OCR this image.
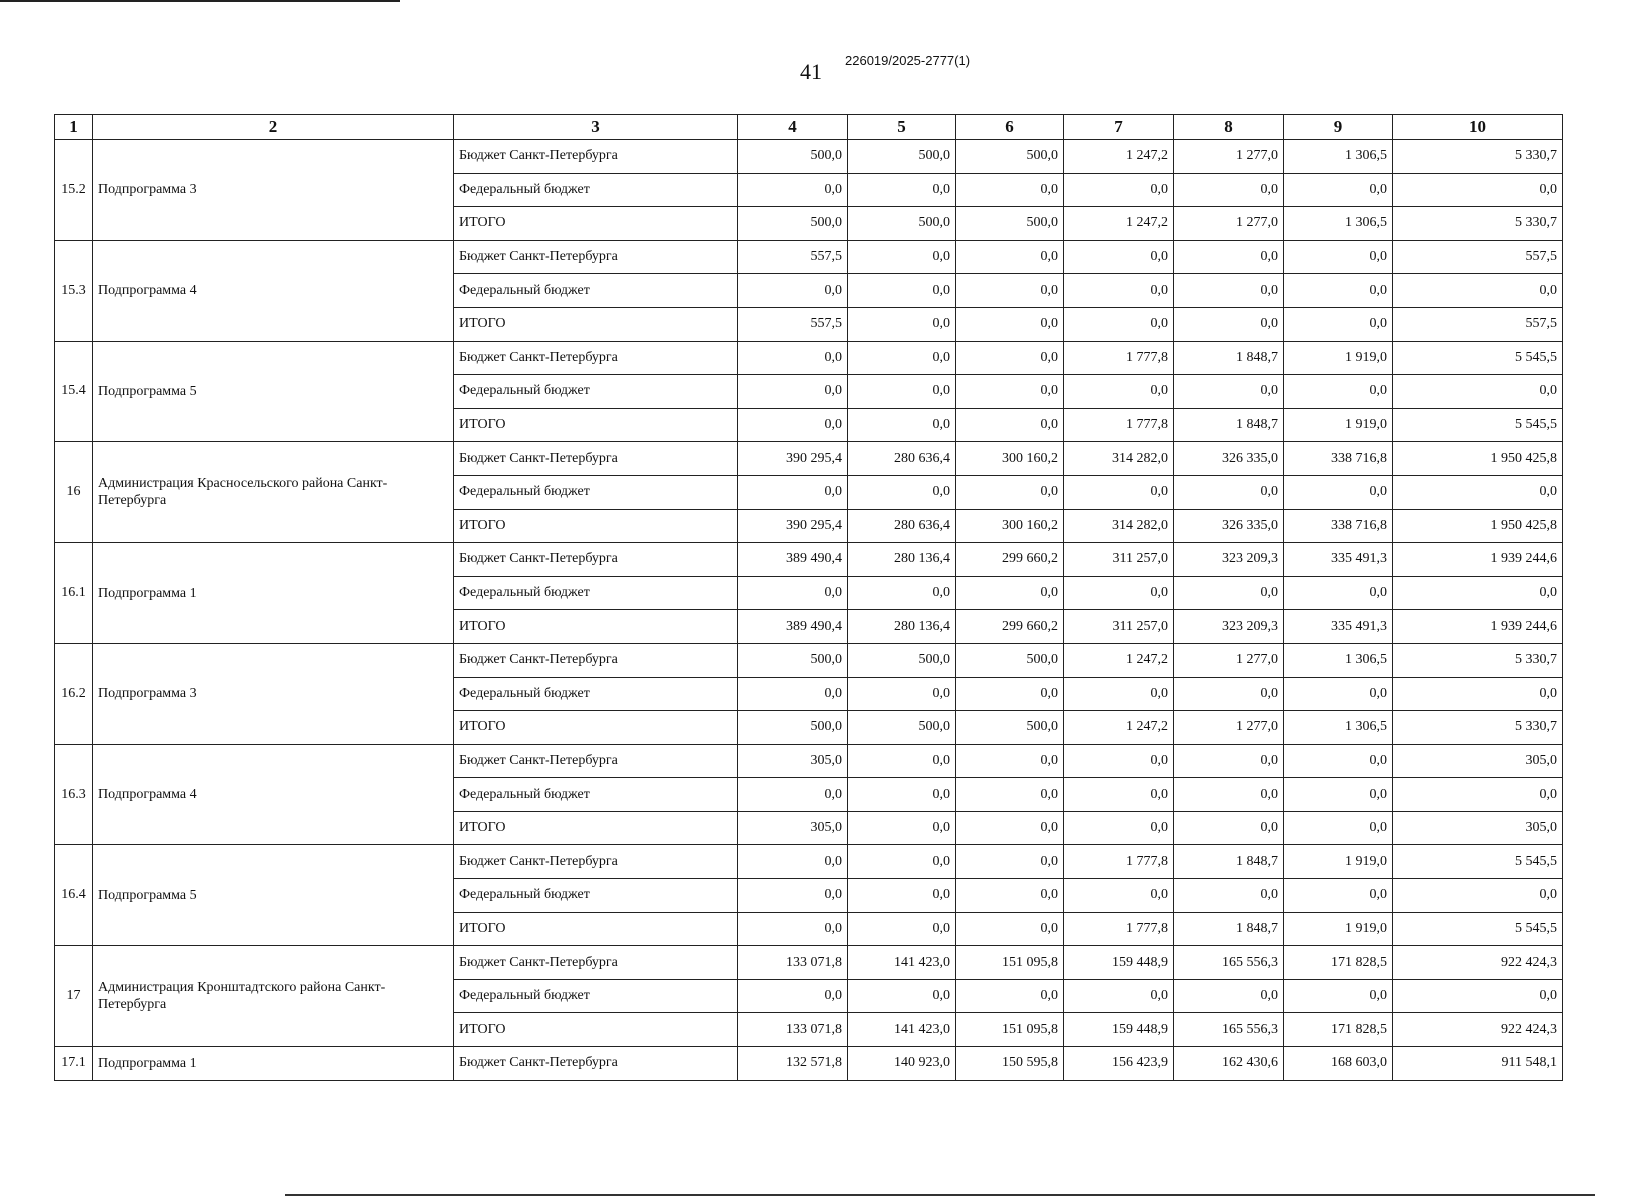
41 226019/2025-2777(1)
1	2	3	4	5	6	7	8	9	10
15.2	Подпрограмма 3	Бюджет Санкт-Петербурга	500,0	500,0	500,0	1 247,2	1 277,0	1 306,5	5 330,7
		Федеральный бюджет	0,0	0,0	0,0	0,0	0,0	0,0	0,0
		ИТОГО	500,0	500,0	500,0	1 247,2	1 277,0	1 306,5	5 330,7
15.3	Подпрограмма 4	Бюджет Санкт-Петербурга	557,5	0,0	0,0	0,0	0,0	0,0	557,5
		Федеральный бюджет	0,0	0,0	0,0	0,0	0,0	0,0	0,0
		ИТОГО	557,5	0,0	0,0	0,0	0,0	0,0	557,5
15.4	Подпрограмма 5	Бюджет Санкт-Петербурга	0,0	0,0	0,0	1 777,8	1 848,7	1 919,0	5 545,5
		Федеральный бюджет	0,0	0,0	0,0	0,0	0,0	0,0	0,0
		ИТОГО	0,0	0,0	0,0	1 777,8	1 848,7	1 919,0	5 545,5
16	Администрация Красносельского района Санкт-Петербурга	Бюджет Санкт-Петербурга	390 295,4	280 636,4	300 160,2	314 282,0	326 335,0	338 716,8	1 950 425,8
		Федеральный бюджет	0,0	0,0	0,0	0,0	0,0	0,0	0,0
		ИТОГО	390 295,4	280 636,4	300 160,2	314 282,0	326 335,0	338 716,8	1 950 425,8
16.1	Подпрограмма 1	Бюджет Санкт-Петербурга	389 490,4	280 136,4	299 660,2	311 257,0	323 209,3	335 491,3	1 939 244,6
		Федеральный бюджет	0,0	0,0	0,0	0,0	0,0	0,0	0,0
		ИТОГО	389 490,4	280 136,4	299 660,2	311 257,0	323 209,3	335 491,3	1 939 244,6
16.2	Подпрограмма 3	Бюджет Санкт-Петербурга	500,0	500,0	500,0	1 247,2	1 277,0	1 306,5	5 330,7
		Федеральный бюджет	0,0	0,0	0,0	0,0	0,0	0,0	0,0
		ИТОГО	500,0	500,0	500,0	1 247,2	1 277,0	1 306,5	5 330,7
16.3	Подпрограмма 4	Бюджет Санкт-Петербурга	305,0	0,0	0,0	0,0	0,0	0,0	305,0
		Федеральный бюджет	0,0	0,0	0,0	0,0	0,0	0,0	0,0
		ИТОГО	305,0	0,0	0,0	0,0	0,0	0,0	305,0
16.4	Подпрограмма 5	Бюджет Санкт-Петербурга	0,0	0,0	0,0	1 777,8	1 848,7	1 919,0	5 545,5
		Федеральный бюджет	0,0	0,0	0,0	0,0	0,0	0,0	0,0
		ИТОГО	0,0	0,0	0,0	1 777,8	1 848,7	1 919,0	5 545,5
17	Администрация Кронштадтского района Санкт-Петербурга	Бюджет Санкт-Петербурга	133 071,8	141 423,0	151 095,8	159 448,9	165 556,3	171 828,5	922 424,3
		Федеральный бюджет	0,0	0,0	0,0	0,0	0,0	0,0	0,0
		ИТОГО	133 071,8	141 423,0	151 095,8	159 448,9	165 556,3	171 828,5	922 424,3
17.1	Подпрограмма 1	Бюджет Санкт-Петербурга	132 571,8	140 923,0	150 595,8	156 423,9	162 430,6	168 603,0	911 548,1
